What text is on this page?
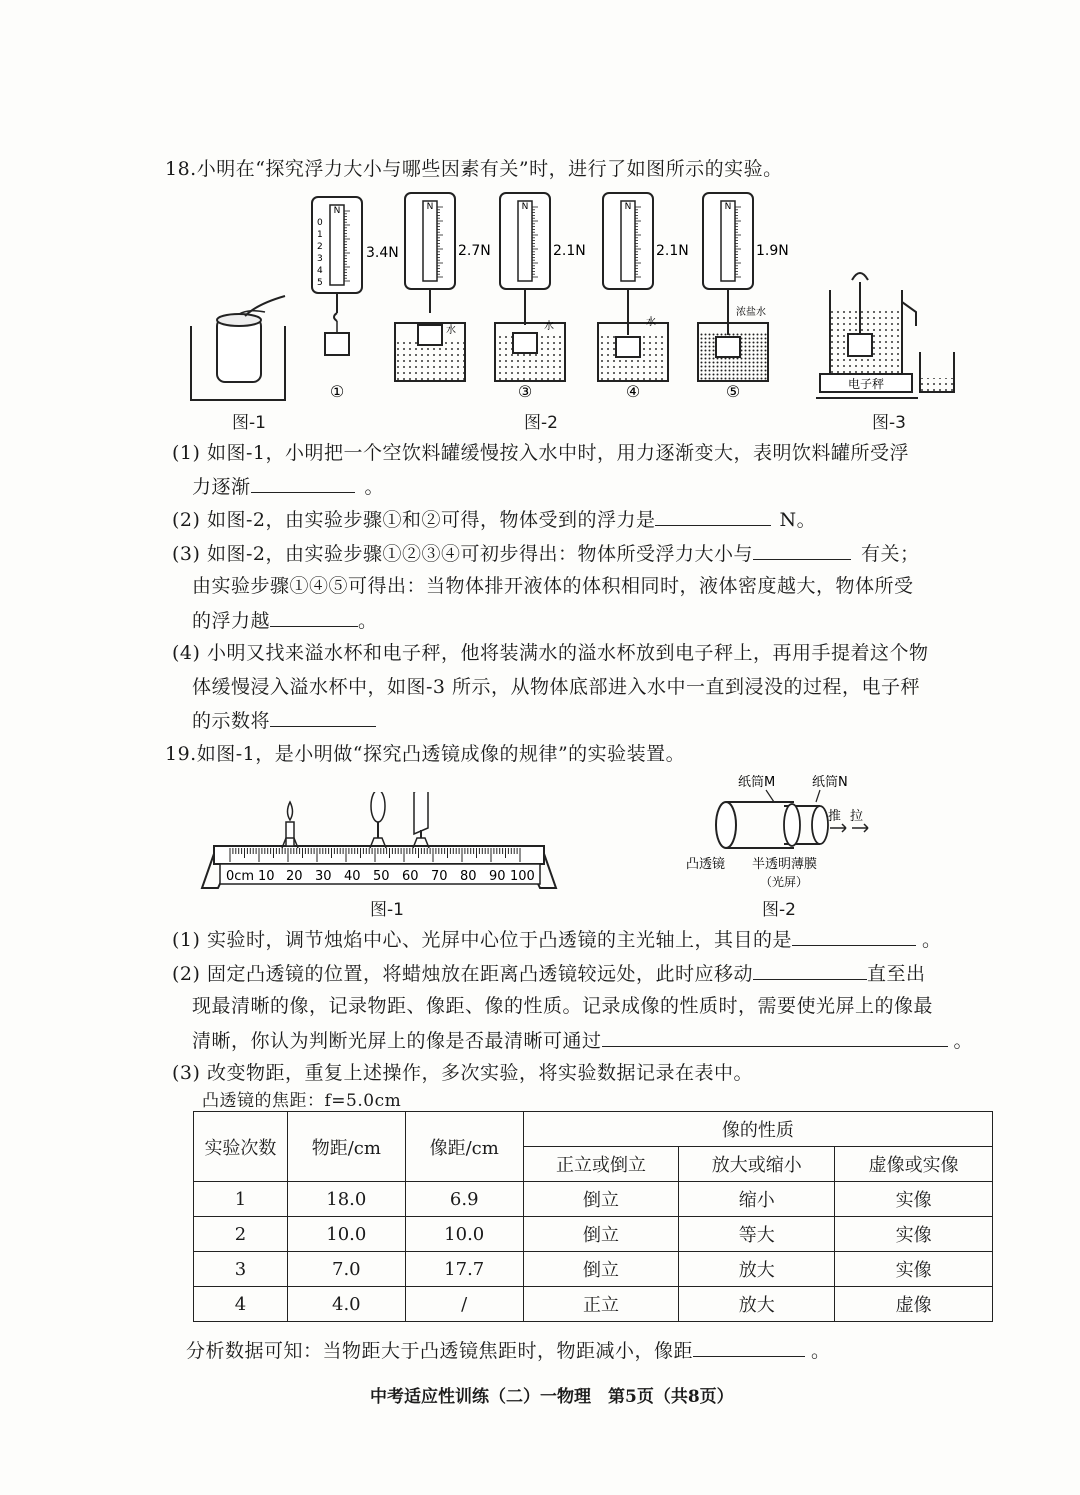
18.小明在“探究浮力大小与哪些因素有关”时，进行了如图所示的实验。
N	N	N	N	N
0
1
2
3
4
5
3.4N	2.7N	2.1N	2.1N	1.9N
水	水	水
浓盐水
①	③	④	⑤	电子秤
图-1	图-2	图-3
(1) 如图-1，小明把一个空饮料罐缓慢按入水中时，用力逐渐变大，表明饮料罐所受浮
力逐渐	。
(2) 如图-2，由实验步骤①和②可得，物体受到的浮力是	N。
(3) 如图-2，由实验步骤①②③④可初步得出：物体所受浮力大小与	有关；
由实验步骤①④⑤可得出：当物体排开液体的体积相同时，液体密度越大，物体所受
的浮力越	。
(4) 小明又找来溢水杯和电子秤，他将装满水的溢水杯放到电子秤上，再用手提着这个物
体缓慢浸入溢水杯中，如图-3 所示，从物体底部进入水中一直到浸没的过程，电子秤
的示数将
19.如图-1，是小明做“探究凸透镜成像的规律”的实验装置。
0cm 10 20 30 40 50 60 70 80 90 100
纸筒M	纸筒N
推 拉
凸透镜 半透明薄膜
（光屏）
图-1	图-2
(1) 实验时，调节烛焰中心、光屏中心位于凸透镜的主光轴上，其目的是	。
(2) 固定凸透镜的位置，将蜡烛放在距离凸透镜较远处，此时应移动	直至出
现最清晰的像，记录物距、像距、像的性质。记录成像的性质时，需要使光屏上的像最
清晰，你认为判断光屏上的像是否最清晰可通过	。
(3) 改变物距，重复上述操作，多次实验，将实验数据记录在表中。
凸透镜的焦距：f=5.0cm
实验次数	物距/cm	像距/cm	像的性质		
			正立或倒立	放大或缩小	虚像或实像
1	18.0	6.9	倒立	缩小	实像
2	10.0	10.0	倒立	等大	实像
3	7.0	17.7	倒立	放大	实像
4	4.0	/	正立	放大	虚像
分析数据可知：当物距大于凸透镜焦距时，物距减小，像距	。
中考适应性训练（二）一物理　第5页（共8页）
